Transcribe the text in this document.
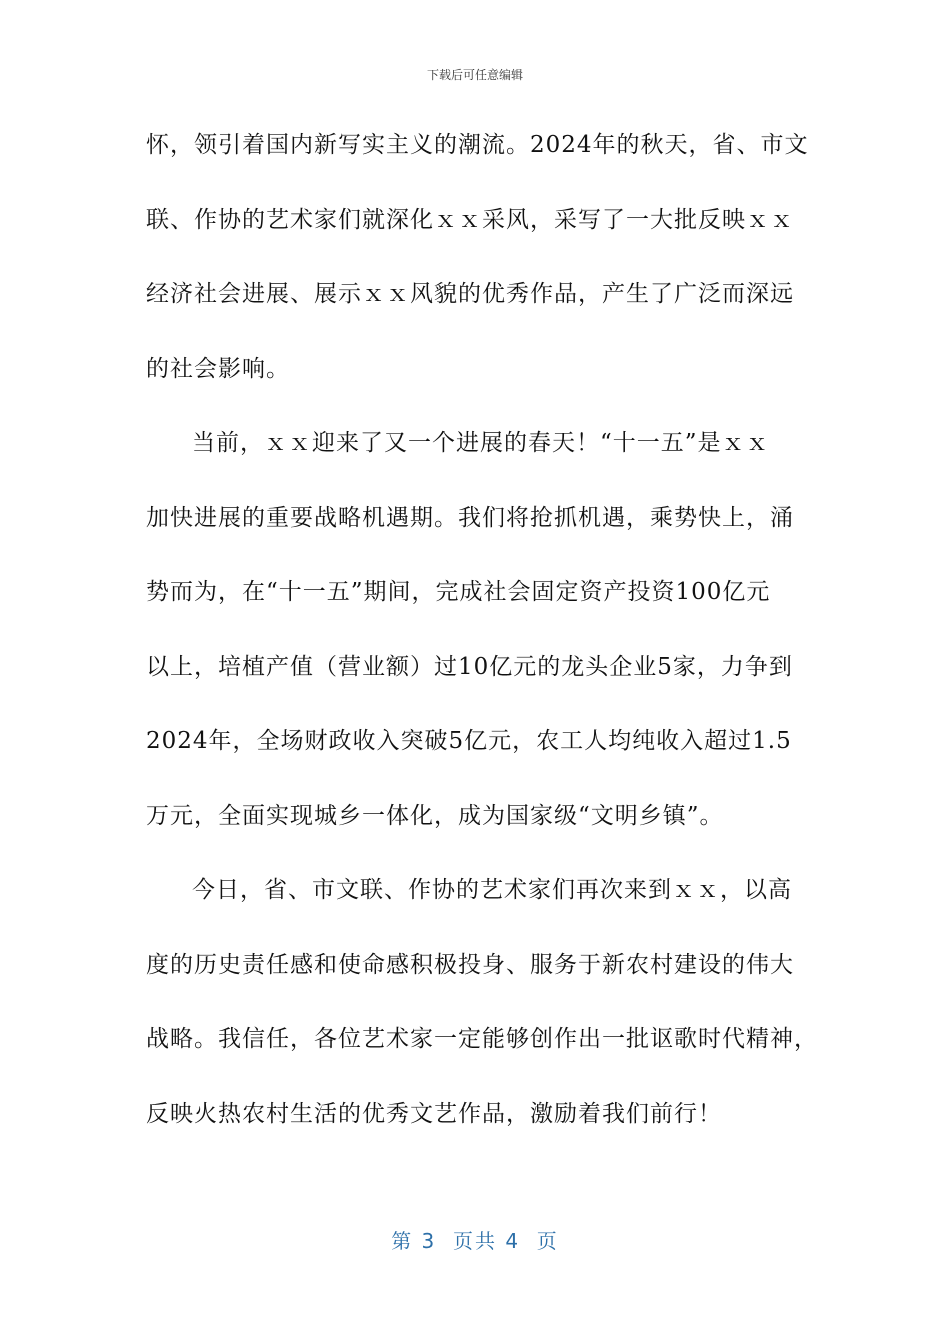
下载后可任意编辑
怀，领引着国内新写实主义的潮流。2024年的秋天，省、市文
联、作协的艺术家们就深化ｘｘ采风，采写了一大批反映ｘｘ
经济社会进展、展示ｘｘ风貌的优秀作品，产生了广泛而深远
的社会影响。
当前，ｘｘ迎来了又一个进展的春天！“十一五”是ｘｘ
加快进展的重要战略机遇期。我们将抢抓机遇，乘势快上，涌
势而为，在“十一五”期间，完成社会固定资产投资100亿元
以上，培植产值（营业额）过10亿元的龙头企业5家，力争到
2024年，全场财政收入突破5亿元，农工人均纯收入超过1.5
万元，全面实现城乡一体化，成为国家级“文明乡镇”。
今日，省、市文联、作协的艺术家们再次来到ｘｘ，以高
度的历史责任感和使命感积极投身、服务于新农村建设的伟大
战略。我信任，各位艺术家一定能够创作出一批讴歌时代精神，
反映火热农村生活的优秀文艺作品，激励着我们前行！
第 3  页共 4  页
